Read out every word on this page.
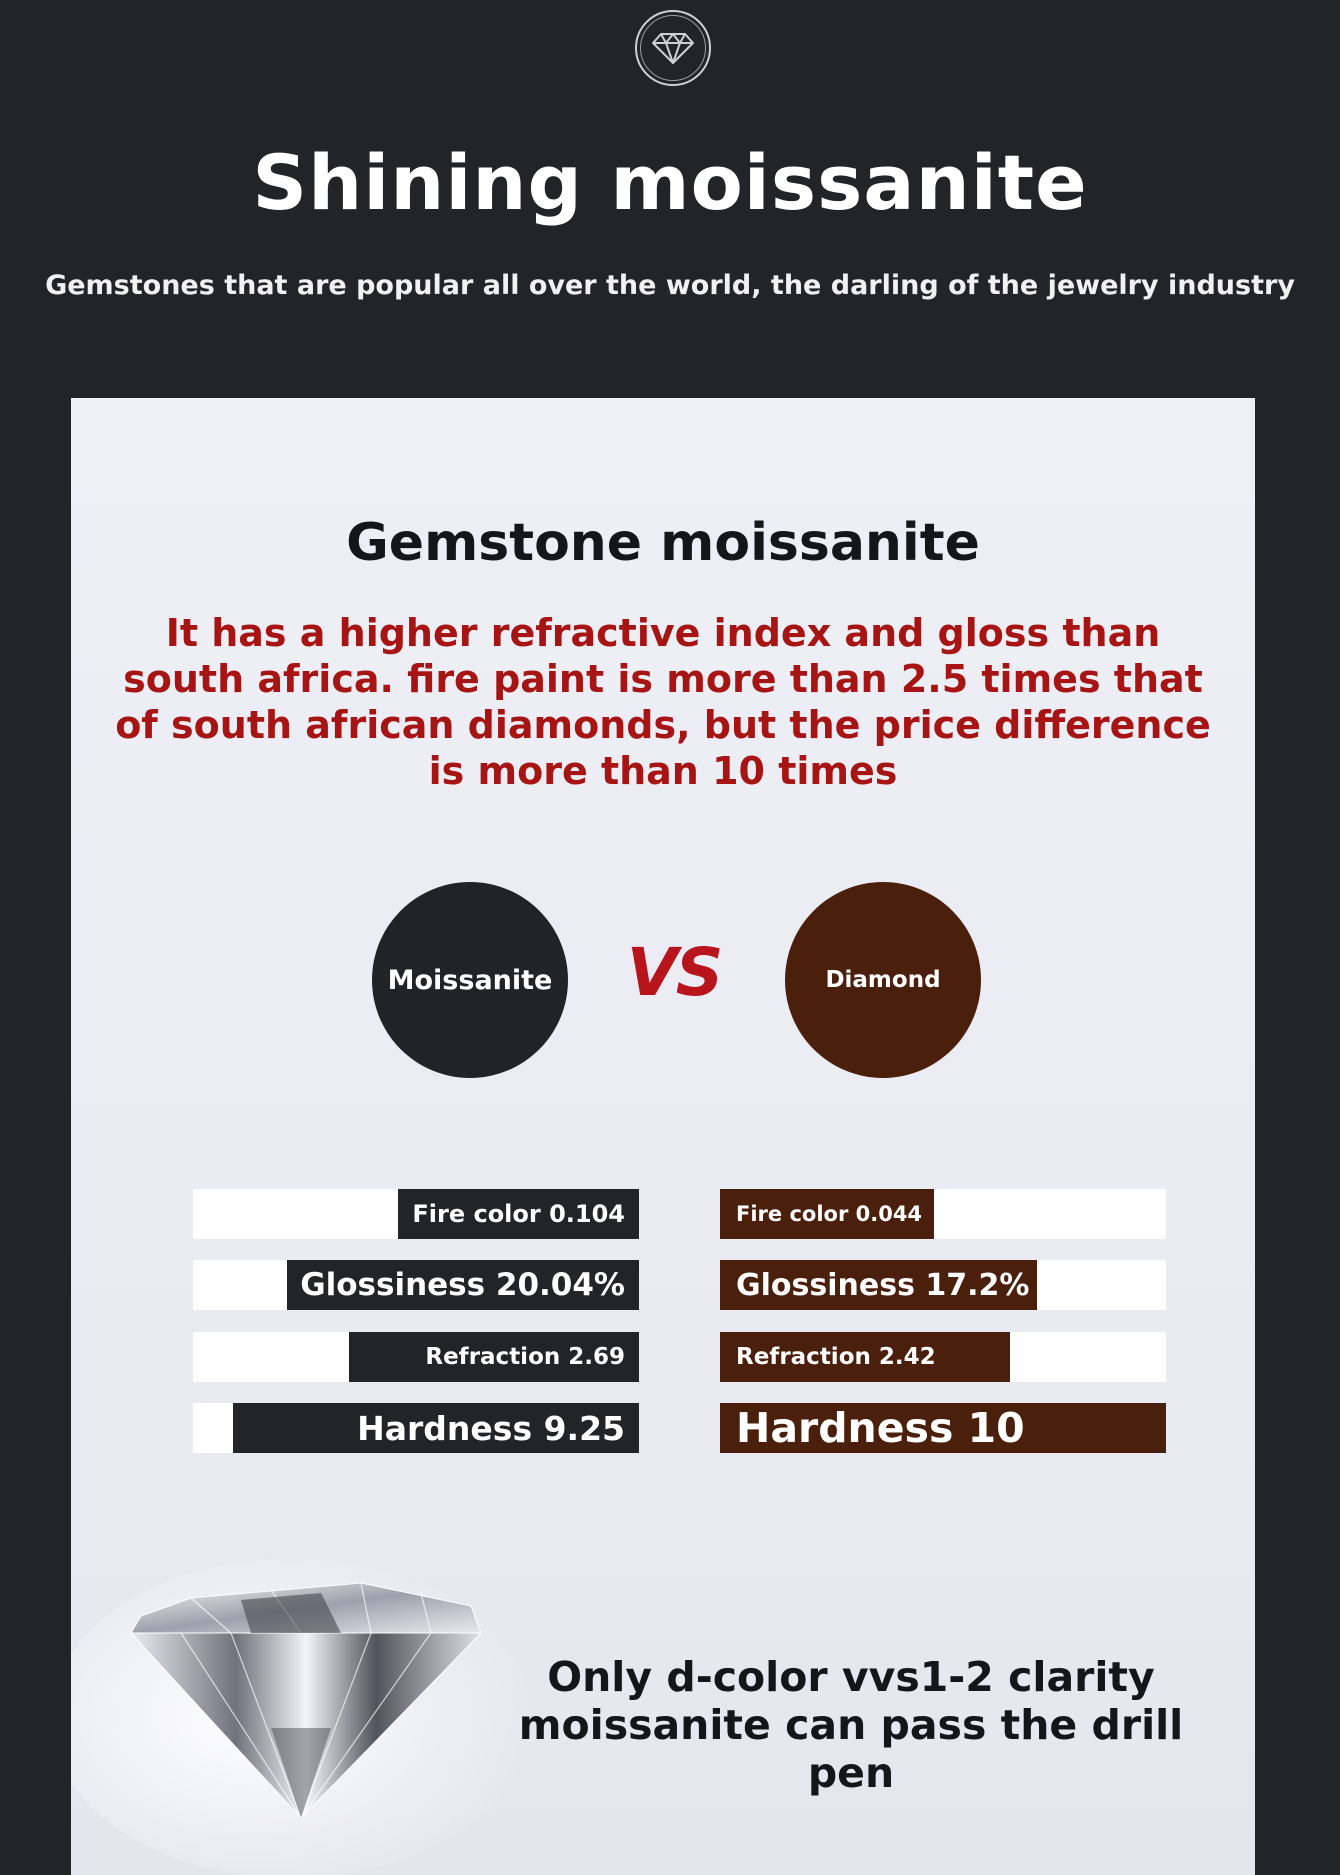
Shining moissanite
Gemstones that are popular all over the world, the darling of the jewelry industry
Gemstone moissanite
It has a higher refractive index and gloss than south africa. fire paint is more than 2.5 times that of south african diamonds, but the price difference is more than 10 times
Moissanite VS	Diamond
Fire color 0.104
Glossiness 20.04%
Refraction 2.69
Hardness 9.25
Fire color 0.044
Glossiness 17.2%
Refraction 2.42
Hardness 10
Only d-color vvs1-2 clarity moissanite can pass the drill pen
